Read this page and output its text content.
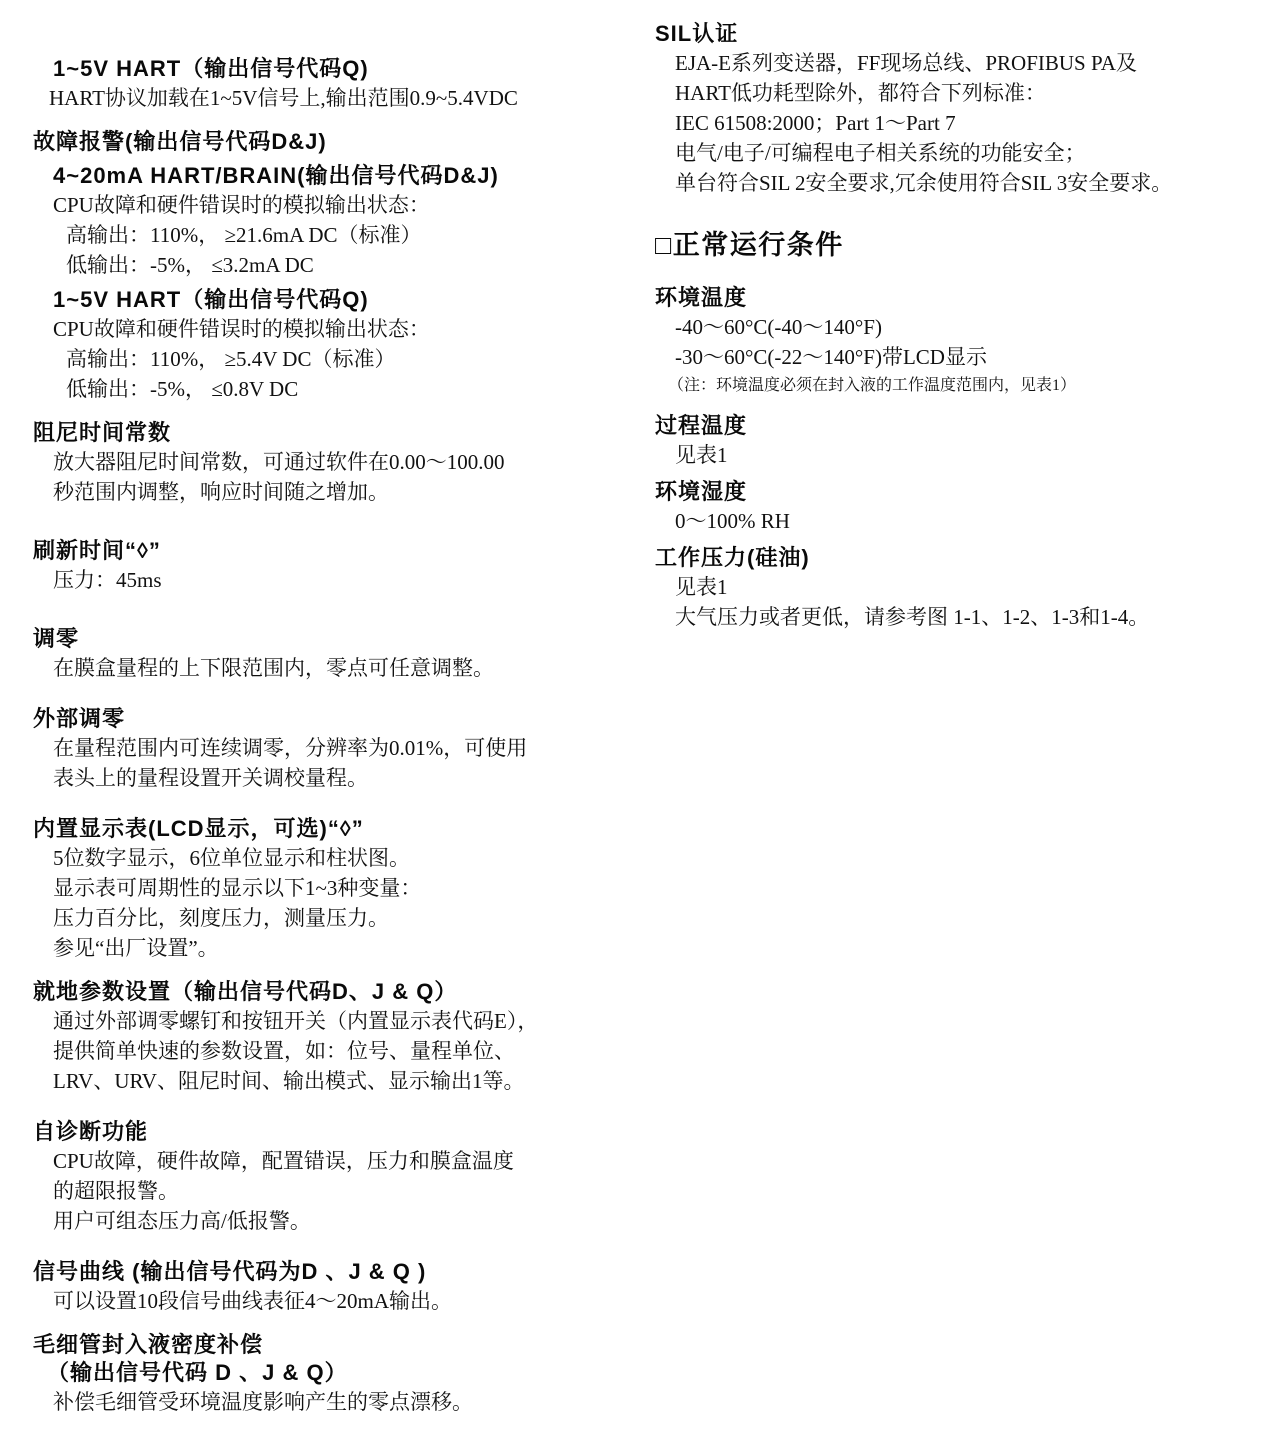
1~5V HART（输出信号代码Q)

HART协议加载在1~5V信号上,输出范围0.9~5.4VDC

故障报警(输出信号代码D&J)
4~20mA HART/BRAIN(输出信号代码D&J)

CPU故障和硬件错误时的模拟输出状态：

高输出：110%， ≥21.6mA DC（标准）

低输出：-5%， ≤3.2mA DC

1~5V HART（输出信号代码Q)

CPU故障和硬件错误时的模拟输出状态：

高输出：110%， ≥5.4V DC（标准）

低输出：-5%， ≤0.8V DC

阻尼时间常数

放大器阻尼时间常数，可通过软件在0.00～100.00

秒范围内调整，响应时间随之增加。

刷新时间“◊”

压力：45ms

调零

在膜盒量程的上下限范围内，零点可任意调整。

外部调零

在量程范围内可连续调零，分辨率为0.01%，可使用

表头上的量程设置开关调校量程。

内置显示表(LCD显示，可选)“◊”

5位数字显示，6位单位显示和柱状图。

显示表可周期性的显示以下1~3种变量：

压力百分比，刻度压力，测量压力。

参见“出厂设置”。

就地参数设置（输出信号代码D、J & Q）

通过外部调零螺钉和按钮开关（内置显示表代码E），

提供简单快速的参数设置，如：位号、量程单位、

LRV、URV、阻尼时间、输出模式、显示输出1等。

自诊断功能

CPU故障，硬件故障，配置错误，压力和膜盒温度

的超限报警。

用户可组态压力高/低报警。

信号曲线 (输出信号代码为D 、J & Q )

可以设置10段信号曲线表征4～20mA输出。

毛细管封入液密度补偿
（输出信号代码 D 、J & Q）

补偿毛细管受环境温度影响产生的零点漂移。

SIL认证

EJA-E系列变送器，FF现场总线、PROFIBUS PA及

HART低功耗型除外，都符合下列标准：

IEC 61508:2000；Part 1～Part 7

电气/电子/可编程电子相关系统的功能安全；

单台符合SIL 2安全要求,冗余使用符合SIL 3安全要求。

□正常运行条件
环境温度

-40～60°C(-40～140°F)

-30～60°C(-22～140°F)带LCD显示

（注：环境温度必须在封入液的工作温度范围内，见表1）

过程温度

见表1

环境湿度

0～100% RH

工作压力(硅油)

见表1

大气压力或者更低，请参考图 1-1、1-2、1-3和1-4。
